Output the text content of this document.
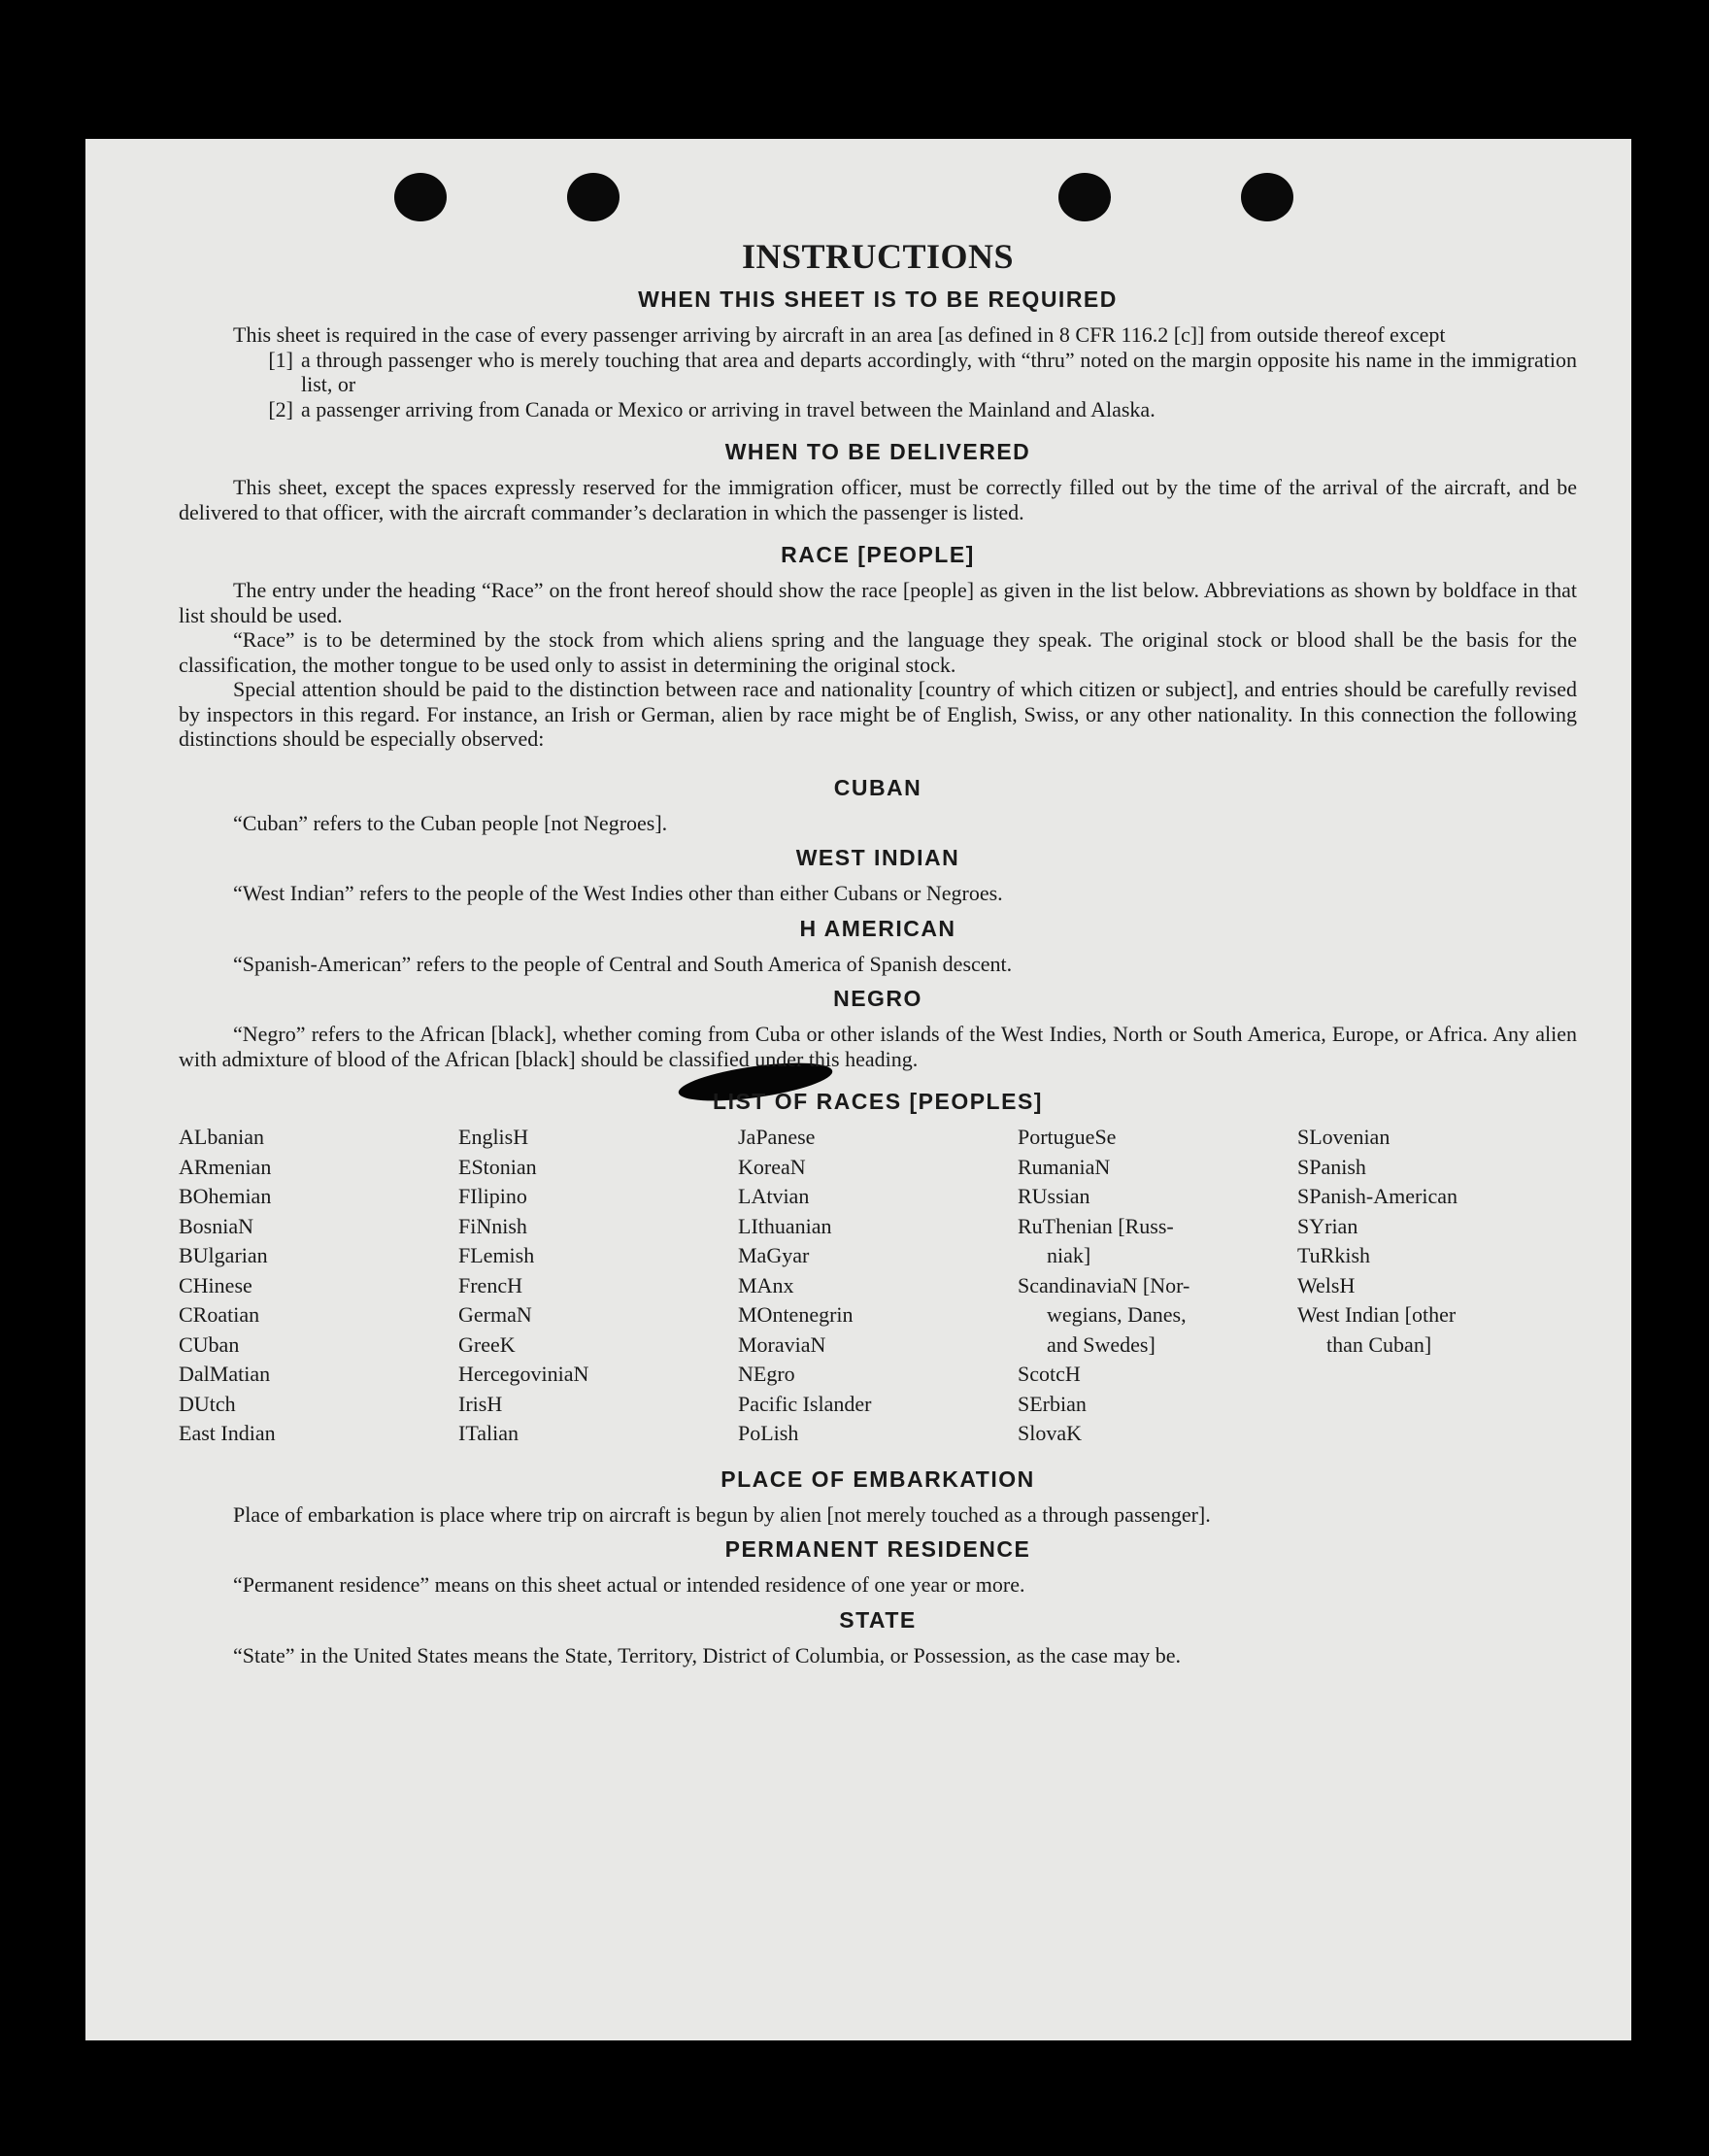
INSTRUCTIONS
WHEN THIS SHEET IS TO BE REQUIRED

This sheet is required in the case of every passenger arriving by aircraft in an area [as defined in 8 CFR 116.2 [c]] from outside thereof except

[1] a through passenger who is merely touching that area and departs accordingly, with “thru” noted on the margin opposite his name in the immigration list, or
[2] a passenger arriving from Canada or Mexico or arriving in travel between the Mainland and Alaska.
WHEN TO BE DELIVERED

This sheet, except the spaces expressly reserved for the immigration officer, must be correctly filled out by the time of the arrival of the aircraft, and be delivered to that officer, with the aircraft commander’s declaration in which the passenger is listed.

RACE [PEOPLE]

The entry under the heading “Race” on the front hereof should show the race [people] as given in the list below. Abbreviations as shown by boldface in that list should be used.

“Race” is to be determined by the stock from which aliens spring and the language they speak. The original stock or blood shall be the basis for the classification, the mother tongue to be used only to assist in determining the original stock.

Special attention should be paid to the distinction between race and nationality [country of which citizen or subject], and entries should be carefully revised by inspectors in this regard. For instance, an Irish or German, alien by race might be of English, Swiss, or any other nationality. In this connection the following distinctions should be especially observed:

CUBAN

“Cuban” refers to the Cuban people [not Negroes].

WEST INDIAN

“West Indian” refers to the people of the West Indies other than either Cubans or Negroes.

H AMERICAN

“Spanish-American” refers to the people of Central and South America of Spanish descent.

NEGRO

“Negro” refers to the African [black], whether coming from Cuba or other islands of the West Indies, North or South America, Europe, or Africa. Any alien with admixture of blood of the African [black] should be classified under this heading.

LIST OF RACES [PEOPLES]
ALbanian
ARmenian
BOhemian
BosniaN
BUlgarian
CHinese
CRoatian
CUban
DalMatian
DUtch
East Indian
EnglisH
EStonian
FIlipino
FiNnish
FLemish
FrencH
GermaN
GreeK
HercegoviniaN
IrisH
ITalian
JaPanese
KoreaN
LAtvian
LIthuanian
MaGyar
MAnx
MOntenegrin
MoraviaN
NEgro
Pacific Islander
PoLish
PortugueSe
RumaniaN
RUssian
RuThenian [Russ-
niak]
ScandinaviaN [Nor-
wegians, Danes,
and Swedes]
ScotcH
SErbian
SlovaK
SLovenian
SPanish
SPanish-American
SYrian
TuRkish
WelsH
West Indian [other
than Cuban]
PLACE OF EMBARKATION

Place of embarkation is place where trip on aircraft is begun by alien [not merely touched as a through passenger].

PERMANENT RESIDENCE

“Permanent residence” means on this sheet actual or intended residence of one year or more.

STATE

“State” in the United States means the State, Territory, District of Columbia, or Possession, as the case may be.
